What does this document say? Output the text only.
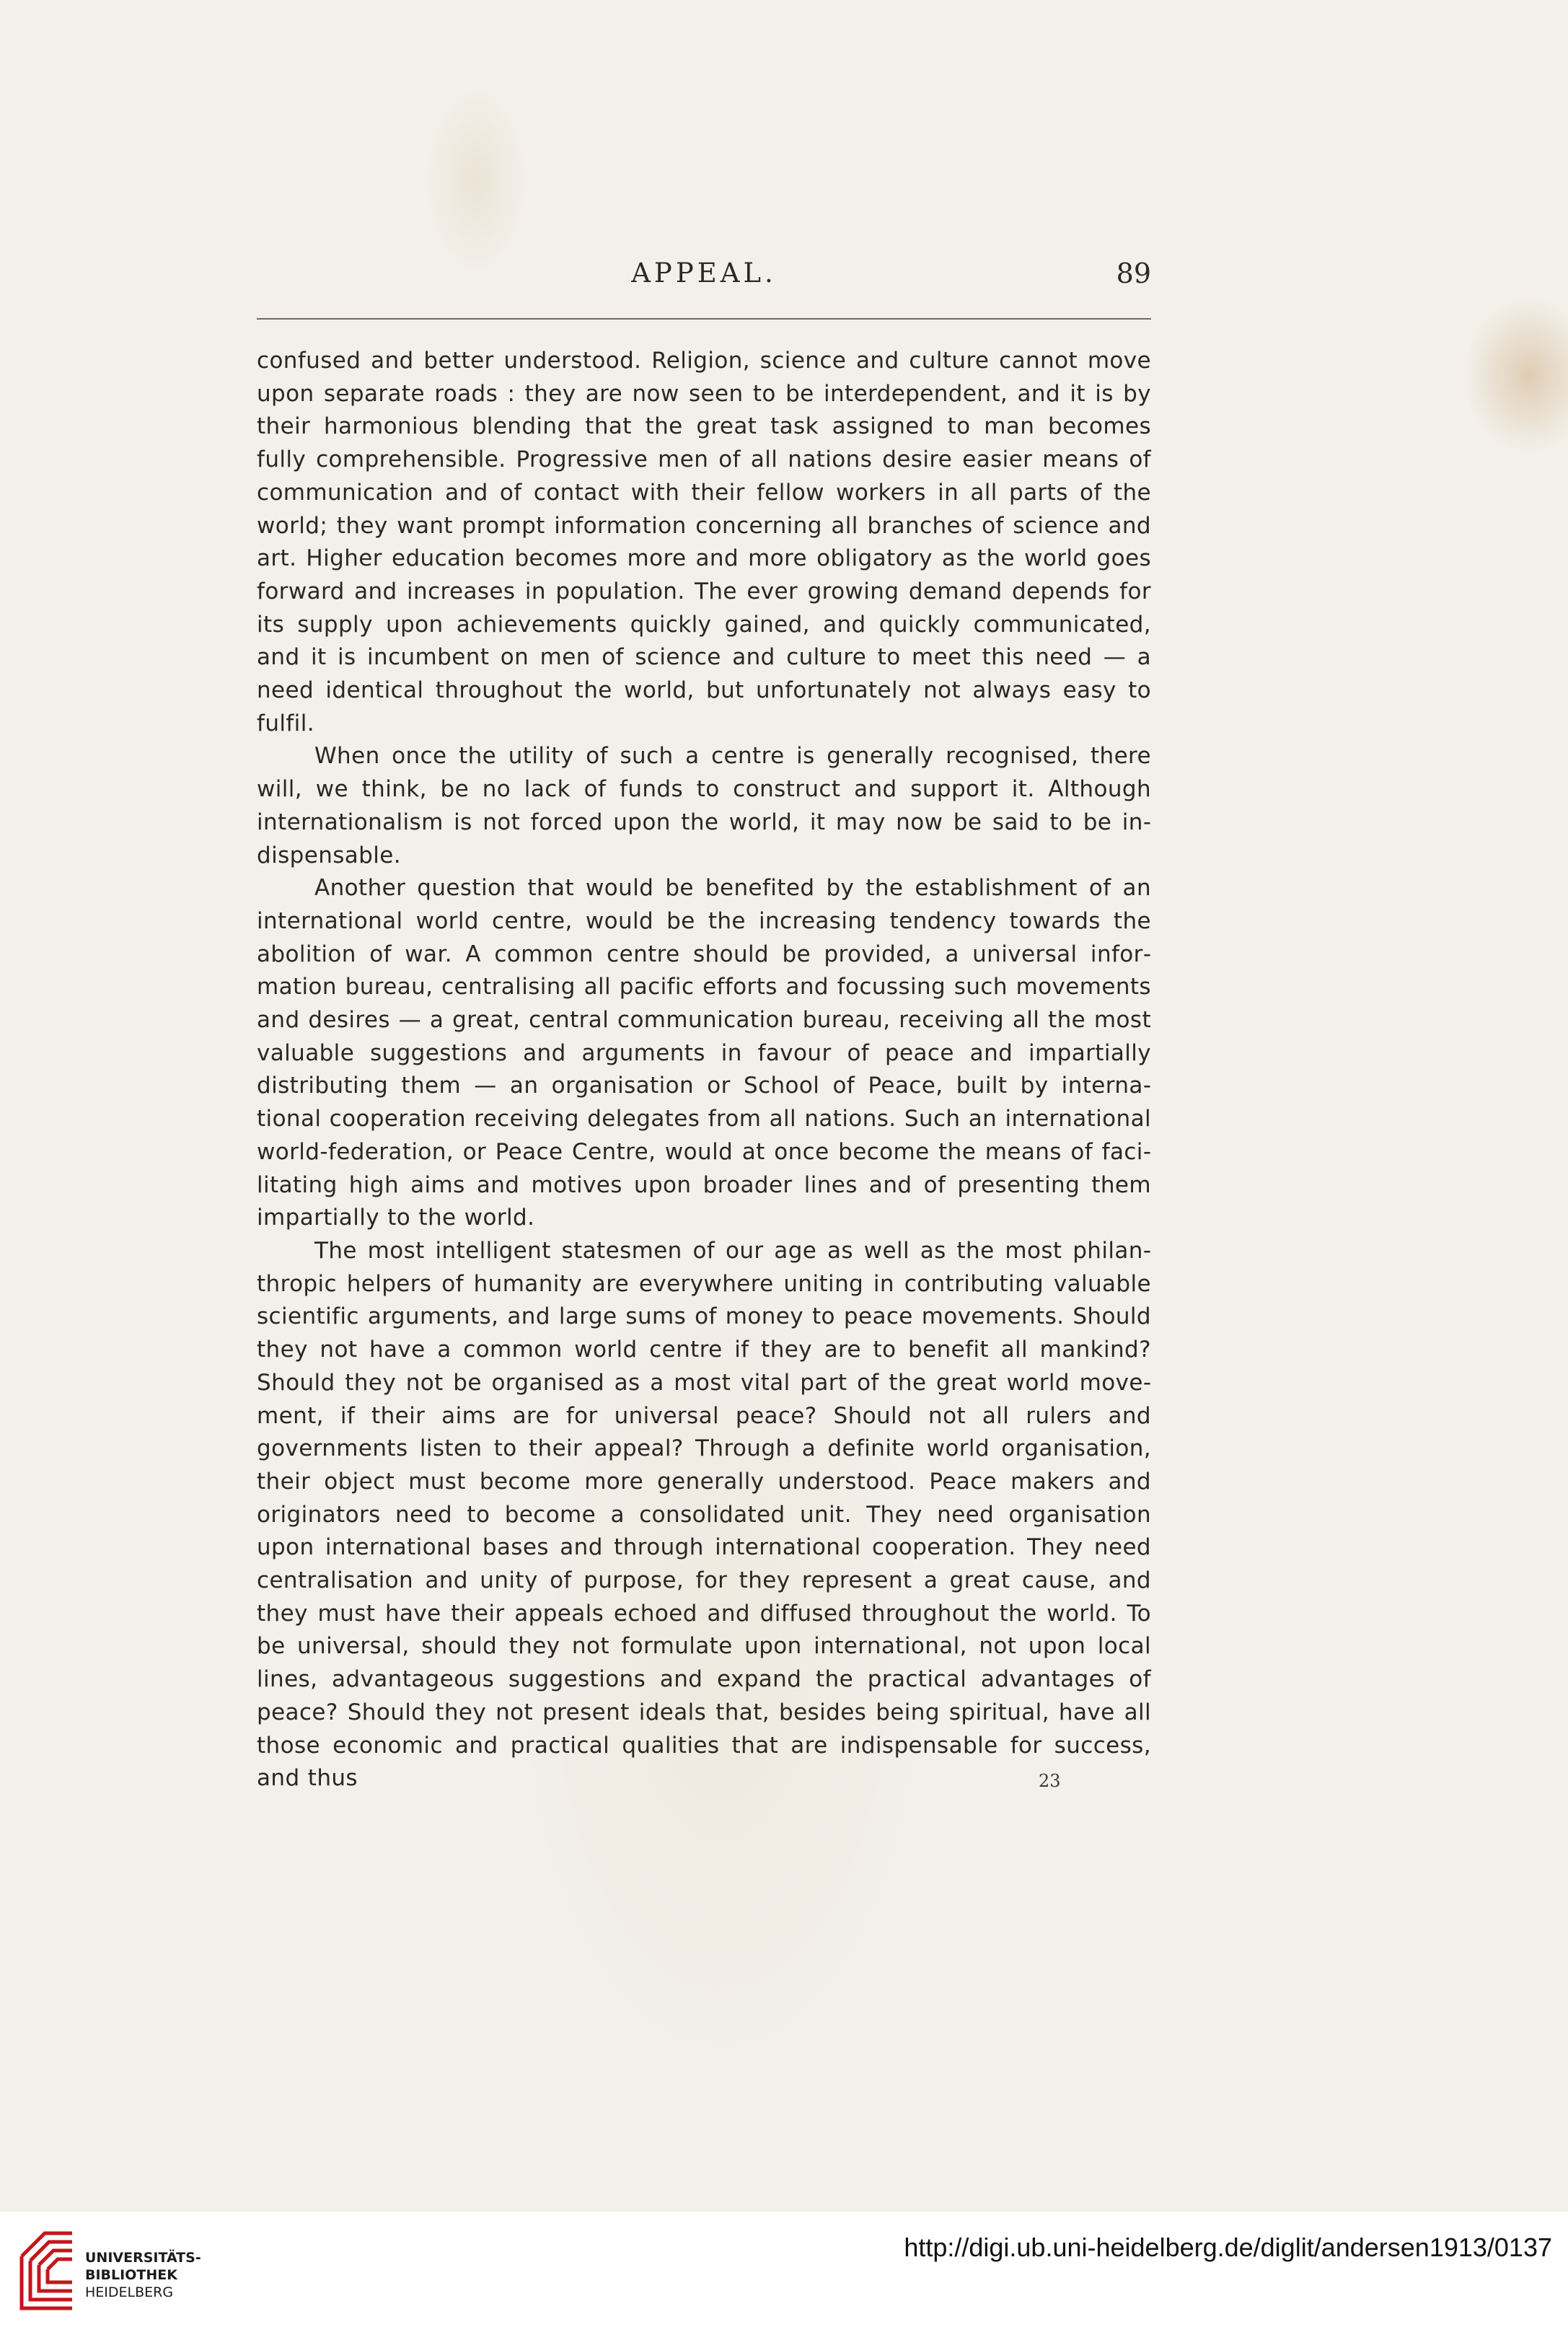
APPEAL.	89

confused and better understood. Religion, science and culture cannot move upon separate roads : they are now seen to be interdependent, and it is by their harmonious blending that the great task assigned to man becomes fully comprehensible. Progressive men of all nations desire easier means of communication and of contact with their fellow workers in all parts of the world; they want prompt information concerning all branches of science and art. Higher education becomes more and more obligatory as the world goes forward and increases in population. The ever growing demand depends for its supply upon achievements quickly gained, and quickly communicated, and it is incumbent on men of science and culture to meet this need — a need identical throughout the world, but unfortunately not always easy to fulfil.

When once the utility of such a centre is generally recognised, there will, we think, be no lack of funds to construct and support it. Although internationalism is not forced upon the world, it may now be said to be indispensable.

Another question that would be benefited by the establishment of an international world centre, would be the increasing tendency towards the abolition of war. A common centre should be provided, a universal information bureau, centralising all pacific efforts and focussing such movements and desires — a great, central communication bureau, receiving all the most valuable suggestions and arguments in favour of peace and impartially distributing them — an organisation or School of Peace, built by international cooperation receiving delegates from all nations. Such an international world-federation, or Peace Centre, would at once become the means of facilitating high aims and motives upon broader lines and of presenting them impartially to the world.

The most intelligent statesmen of our age as well as the most philanthropic helpers of humanity are everywhere uniting in contributing valuable scientific arguments, and large sums of money to peace movements. Should they not have a common world centre if they are to benefit all mankind? Should they not be organised as a most vital part of the great world movement, if their aims are for universal peace? Should not all rulers and governments listen to their appeal? Through a definite world organisation, their object must become more generally understood. Peace makers and originators need to become a consolidated unit. They need organisation upon international bases and through international cooperation. They need centralisation and unity of purpose, for they represent a great cause, and they must have their appeals echoed and diffused throughout the world. To be universal, should they not formulate upon international, not upon local lines, advantageous suggestions and expand the practical advantages of peace? Should they not present ideals that, besides being spiritual, have all those economic and practical qualities that are indispensable for success, and thus	23
UNIVERSITÄTS-
BIBLIOTHEK
HEIDELBERG
http://digi.ub.uni-heidelberg.de/diglit/andersen1913/0137
